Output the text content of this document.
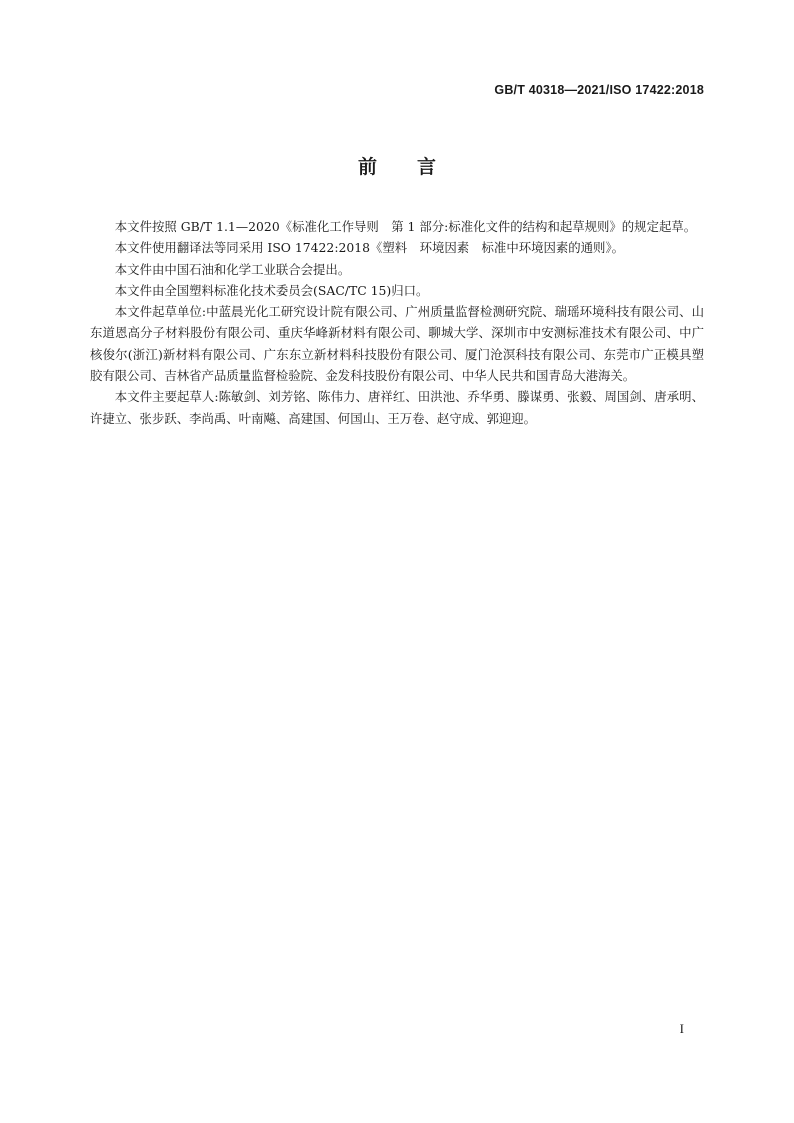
GB/T 40318—2021/ISO 17422:2018
前言

本文件按照 GB/T 1.1—2020《标准化工作导则　第 1 部分:标准化文件的结构和起草规则》的规定起草。

本文件使用翻译法等同采用 ISO 17422:2018《塑料　环境因素　标准中环境因素的通则》。

本文件由中国石油和化学工业联合会提出。

本文件由全国塑料标准化技术委员会(SAC/TC 15)归口。

本文件起草单位:中蓝晨光化工研究设计院有限公司、广州质量监督检测研究院、瑞瑶环境科技有限公司、山东道恩高分子材料股份有限公司、重庆华峰新材料有限公司、聊城大学、深圳市中安测标准技术有限公司、中广核俊尔(浙江)新材料有限公司、广东东立新材料科技股份有限公司、厦门沧溟科技有限公司、东莞市广正模具塑胶有限公司、吉林省产品质量监督检验院、金发科技股份有限公司、中华人民共和国青岛大港海关。

本文件主要起草人:陈敏剑、刘芳铭、陈伟力、唐祥红、田洪池、乔华勇、滕谋勇、张毅、周国剑、唐承明、许捷立、张步跃、李尚禹、叶南飚、高建国、何国山、王万卷、赵守成、郭迎迎。

I
